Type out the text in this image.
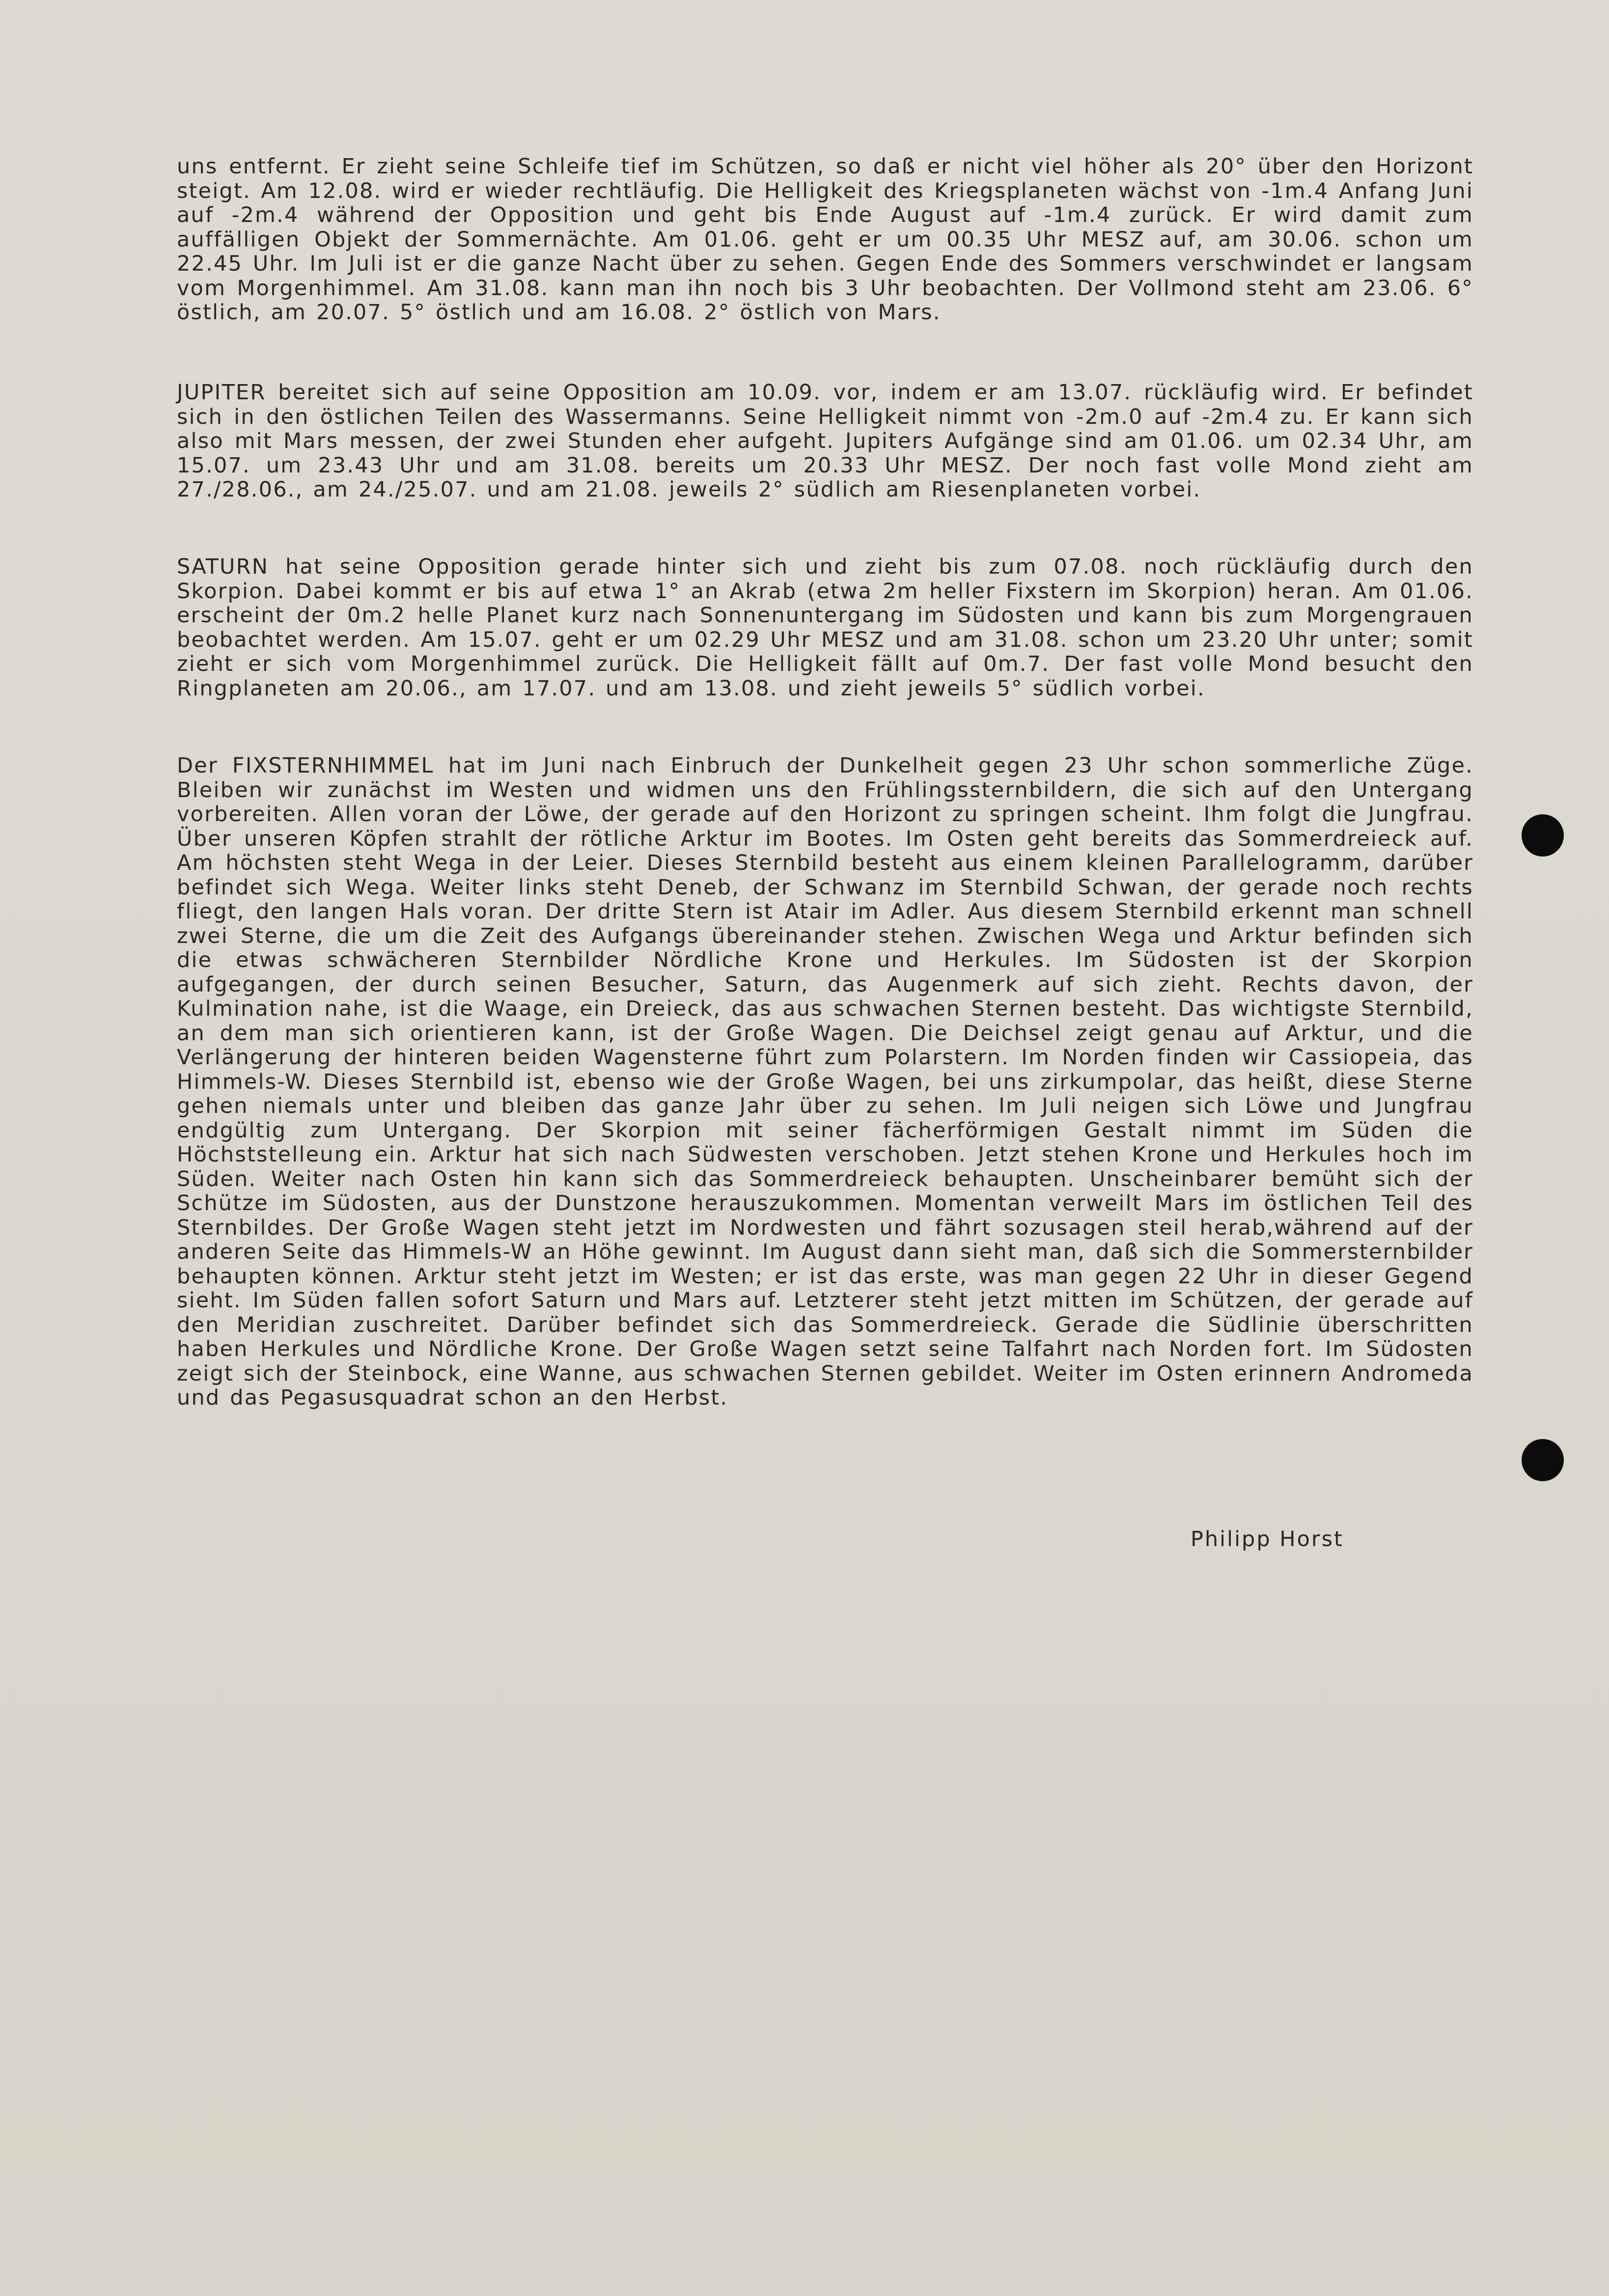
uns entfernt. Er zieht seine Schleife tief im Schützen, so daß er nicht viel höher als 20° über den Horizont steigt. Am 12.08. wird er wieder rechtläufig. Die Helligkeit des Kriegsplaneten wächst von -1m.4 Anfang Juni auf -2m.4 während der Opposition und geht bis Ende August auf -1m.4 zurück. Er wird damit zum auffälligen Objekt der Sommernächte. Am 01.06. geht er um 00.35 Uhr MESZ auf, am 30.06. schon um 22.45 Uhr. Im Juli ist er die ganze Nacht über zu sehen. Gegen Ende des Sommers verschwindet er langsam vom Morgenhimmel. Am 31.08. kann man ihn noch bis 3 Uhr beobachten. Der Vollmond steht am 23.06. 6° östlich, am 20.07. 5° östlich und am 16.08. 2° östlich von Mars.

JUPITER bereitet sich auf seine Opposition am 10.09. vor, indem er am 13.07. rückläufig wird. Er befindet sich in den östlichen Teilen des Wassermanns. Seine Helligkeit nimmt von -2m.0 auf -2m.4 zu. Er kann sich also mit Mars messen, der zwei Stunden eher aufgeht. Jupiters Aufgänge sind am 01.06. um 02.34 Uhr, am 15.07. um 23.43 Uhr und am 31.08. bereits um 20.33 Uhr MESZ. Der noch fast volle Mond zieht am 27./28.06., am 24./25.07. und am 21.08. jeweils 2° südlich am Riesenplaneten vorbei.

SATURN hat seine Opposition gerade hinter sich und zieht bis zum 07.08. noch rückläufig durch den Skorpion. Dabei kommt er bis auf etwa 1° an Akrab (etwa 2m heller Fixstern im Skorpion) heran. Am 01.06. erscheint der 0m.2 helle Planet kurz nach Sonnenuntergang im Südosten und kann bis zum Morgengrauen beobachtet werden. Am 15.07. geht er um 02.29 Uhr MESZ und am 31.08. schon um 23.20 Uhr unter; somit zieht er sich vom Morgenhimmel zurück. Die Helligkeit fällt auf 0m.7. Der fast volle Mond besucht den Ringplaneten am 20.06., am 17.07. und am 13.08. und zieht jeweils 5° südlich vorbei.

Der FIXSTERNHIMMEL hat im Juni nach Einbruch der Dunkelheit gegen 23 Uhr schon sommerliche Züge. Bleiben wir zunächst im Westen und widmen uns den Frühlingssternbildern, die sich auf den Untergang vorbereiten. Allen voran der Löwe, der gerade auf den Horizont zu springen scheint. Ihm folgt die Jungfrau. Über unseren Köpfen strahlt der rötliche Arktur im Bootes. Im Osten geht bereits das Sommerdreieck auf. Am höchsten steht Wega in der Leier. Dieses Sternbild besteht aus einem kleinen Parallelogramm, darüber befindet sich Wega. Weiter links steht Deneb, der Schwanz im Sternbild Schwan, der gerade noch rechts fliegt, den langen Hals voran. Der dritte Stern ist Atair im Adler. Aus diesem Sternbild erkennt man schnell zwei Sterne, die um die Zeit des Aufgangs übereinander stehen. Zwischen Wega und Arktur befinden sich die etwas schwächeren Sternbilder Nördliche Krone und Herkules. Im Südosten ist der Skorpion aufgegangen, der durch seinen Besucher, Saturn, das Augenmerk auf sich zieht. Rechts davon, der Kulmination nahe, ist die Waage, ein Dreieck, das aus schwachen Sternen besteht. Das wichtigste Sternbild, an dem man sich orientieren kann, ist der Große Wagen. Die Deichsel zeigt genau auf Arktur, und die Verlängerung der hinteren beiden Wagensterne führt zum Polarstern. Im Norden finden wir Cassiopeia, das Himmels-W. Dieses Sternbild ist, ebenso wie der Große Wagen, bei uns zirkumpolar, das heißt, diese Sterne gehen niemals unter und bleiben das ganze Jahr über zu sehen. Im Juli neigen sich Löwe und Jungfrau endgültig zum Untergang. Der Skorpion mit seiner fächerförmigen Gestalt nimmt im Süden die Höchststelleung ein. Arktur hat sich nach Südwesten verschoben. Jetzt stehen Krone und Herkules hoch im Süden. Weiter nach Osten hin kann sich das Sommerdreieck behaupten. Unscheinbarer bemüht sich der Schütze im Südosten, aus der Dunstzone herauszukommen. Momentan verweilt Mars im östlichen Teil des Sternbildes. Der Große Wagen steht jetzt im Nordwesten und fährt sozusagen steil herab,während auf der anderen Seite das Himmels-W an Höhe gewinnt. Im August dann sieht man, daß sich die Sommersternbilder behaupten können. Arktur steht jetzt im Westen; er ist das erste, was man gegen 22 Uhr in dieser Gegend sieht. Im Süden fallen sofort Saturn und Mars auf. Letzterer steht jetzt mitten im Schützen, der gerade auf den Meridian zuschreitet. Darüber befindet sich das Sommerdreieck. Gerade die Südlinie überschritten haben Herkules und Nördliche Krone. Der Große Wagen setzt seine Talfahrt nach Norden fort. Im Südosten zeigt sich der Steinbock, eine Wanne, aus schwachen Sternen gebildet. Weiter im Osten erinnern Andromeda und das Pegasusquadrat schon an den Herbst.

Philipp Horst
